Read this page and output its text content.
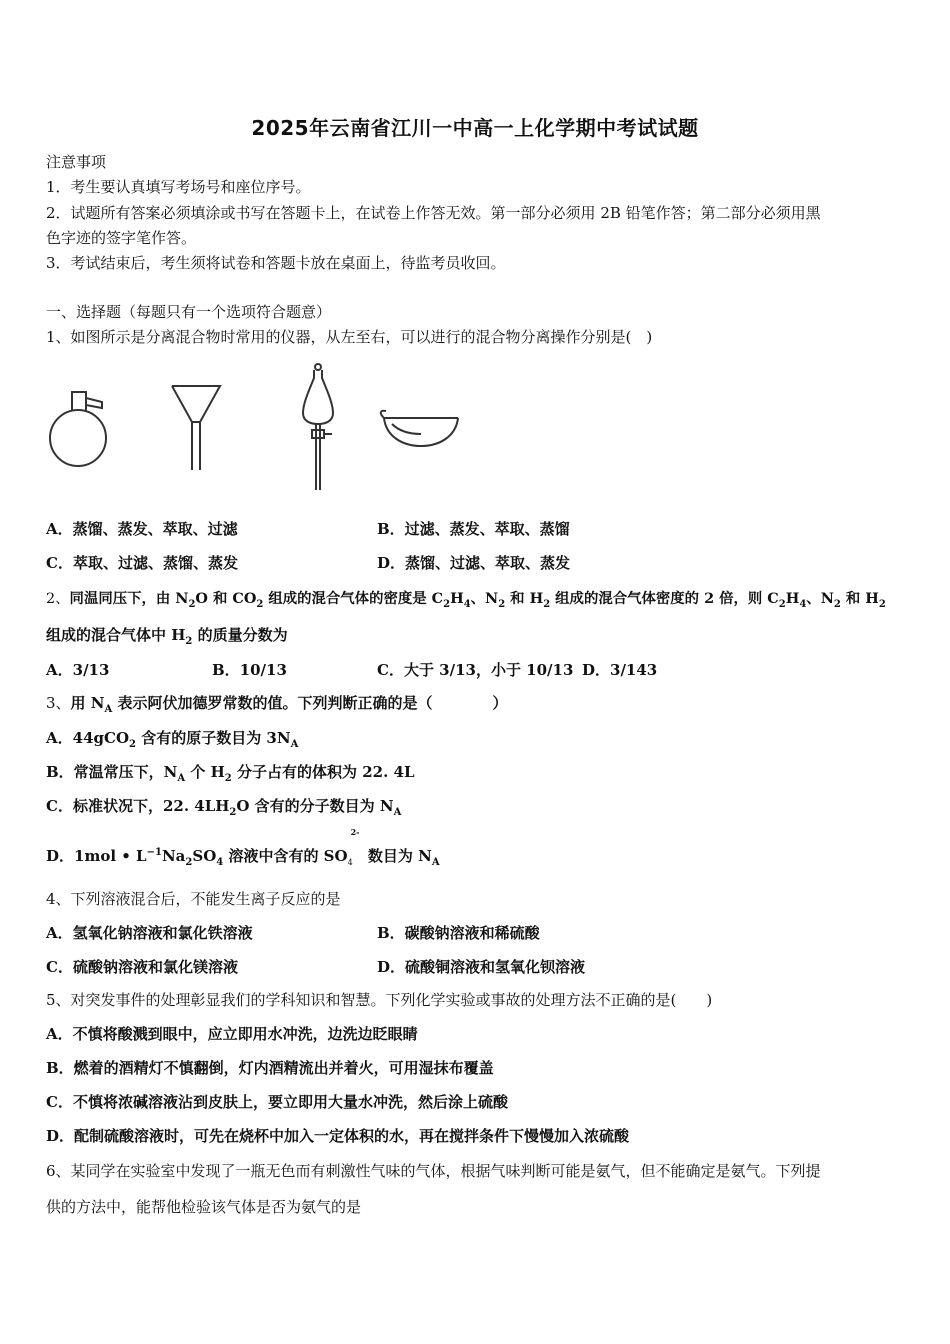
2025年云南省江川一中高一上化学期中考试试题
注意事项
1．考生要认真填写考场号和座位序号。
2．试题所有答案必须填涂或书写在答题卡上，在试卷上作答无效。第一部分必须用 2B 铅笔作答；第二部分必须用黑
色字迹的签字笔作答。
3．考试结束后，考生须将试卷和答题卡放在桌面上，待监考员收回。
一、选择题（每题只有一个选项符合题意）
1、如图所示是分离混合物时常用的仪器，从左至右，可以进行的混合物分离操作分别是(　)
A．蒸馏、蒸发、萃取、过滤	B．过滤、蒸发、萃取、蒸馏
C．萃取、过滤、蒸馏、蒸发	D．蒸馏、过滤、萃取、蒸发
2、同温同压下，由 $N_2O$ 和 $CO_2$ 组成的混合气体的密度是 $C_2H_4$、$N_2$ 和 $H_2$ 组成的混合气体密度的 2 倍，则 $C_2H_4$、$N_2$ 和 $H_2$
组成的混合气体中 $H_2$ 的质量分数为
A．3/13	B．10/13	C．大于 3/13，小于 10/13 D．3/143
3、用 $N_A$ 表示阿伏加德罗常数的值。下列判断正确的是（　　　　）
A．44gCO$_2$ 含有的原子数目为 $3N_A$
B．常温常压下，$N_A$ 个 $H_2$ 分子占有的体积为 22. 4L
C．标准状况下，22. $4LH_2O$ 含有的分子数目为 $N_A$
D．1mol • $L^{-1}Na_2SO_4$ 溶液中含有的 SO
2-
$_4$ 数目为 $N_A$
4、下列溶液混合后，不能发生离子反应的是
A．氢氧化钠溶液和氯化铁溶液	B．碳酸钠溶液和稀硫酸
C．硫酸钠溶液和氯化镁溶液	D．硫酸铜溶液和氢氧化钡溶液
5、对突发事件的处理彰显我们的学科知识和智慧。下列化学实验或事故的处理方法不正确的是(　　)
A．不慎将酸溅到眼中，应立即用水冲洗，边洗边眨眼睛
B．燃着的酒精灯不慎翻倒，灯内酒精流出并着火，可用湿抹布覆盖
C．不慎将浓碱溶液沾到皮肤上，要立即用大量水冲洗，然后涂上硫酸
D．配制硫酸溶液时，可先在烧杯中加入一定体积的水，再在搅拌条件下慢慢加入浓硫酸
6、某同学在实验室中发现了一瓶无色而有刺激性气味的气体，根据气味判断可能是氨气，但不能确定是氨气。下列提
供的方法中，能帮他检验该气体是否为氨气的是
